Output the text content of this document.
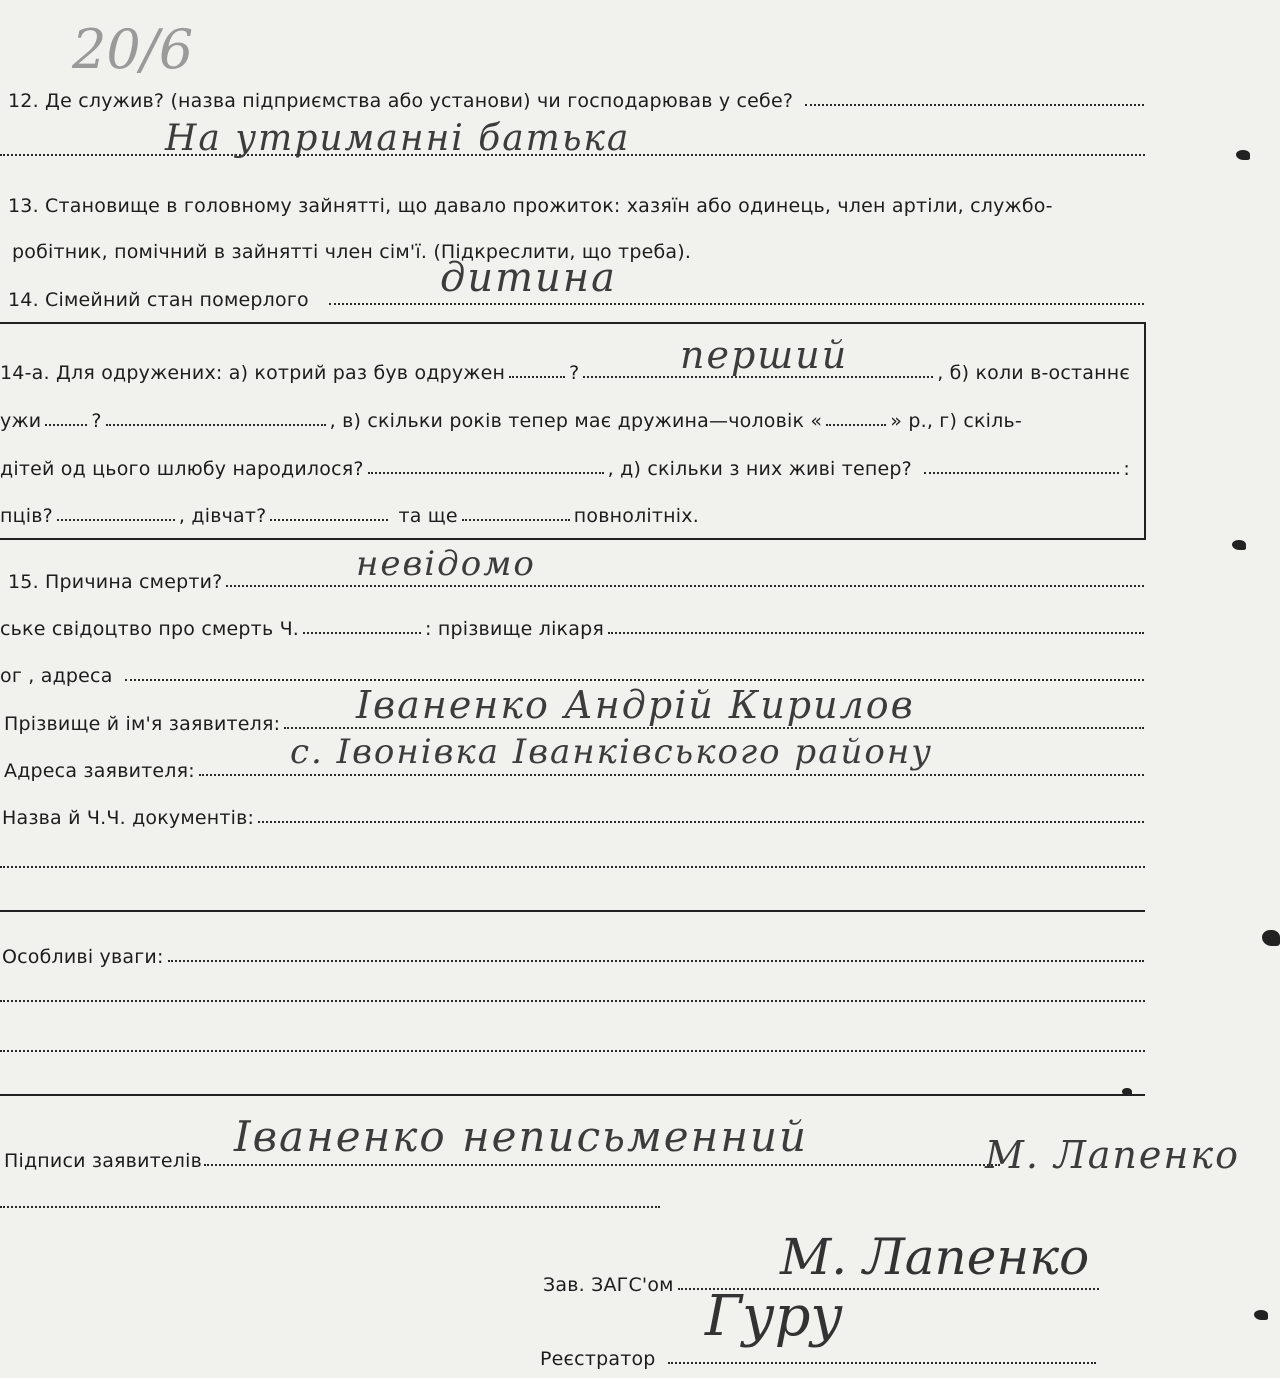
20/6
12. Де служив? (назва підприємства або установи) чи господарював у себе?
На утриманні батька
13. Становище в головному зайнятті, що давало прожиток: хазяїн або одинець, член артіли, службо-
робітник, помічний в зайнятті член сім'ї. (Підкреслити, що треба).
14. Сімейний стан померлого	дитина
14-а. Для одружених: а) котрий раз був одружен	?	, б) коли в-останнє
перший
ужи	?	, в) скільки років тепер має дружина—чоловік «	» р., г) скіль-
дітей од цього шлюбу народилося?	, д) скільки з них живі тепер?	:
пців?	, дівчат?	та ще	повнолітніх.
15. Причина смерти?	невідомо
ське свідоцтво про смерть Ч.	: прізвище лікаря
ог , адреса
Прізвище й ім'я заявителя: Іваненко Андрій Кирилов
Адреса заявителя:	с. Івонівка Іванківського району
Назва й Ч.Ч. документів:
Особливі уваги:
Підписи заявителів Іваненко неписьменний	М. Лапенко
Зав. ЗАГС'ом М. Лапенко
Реєстратор
Гуру
